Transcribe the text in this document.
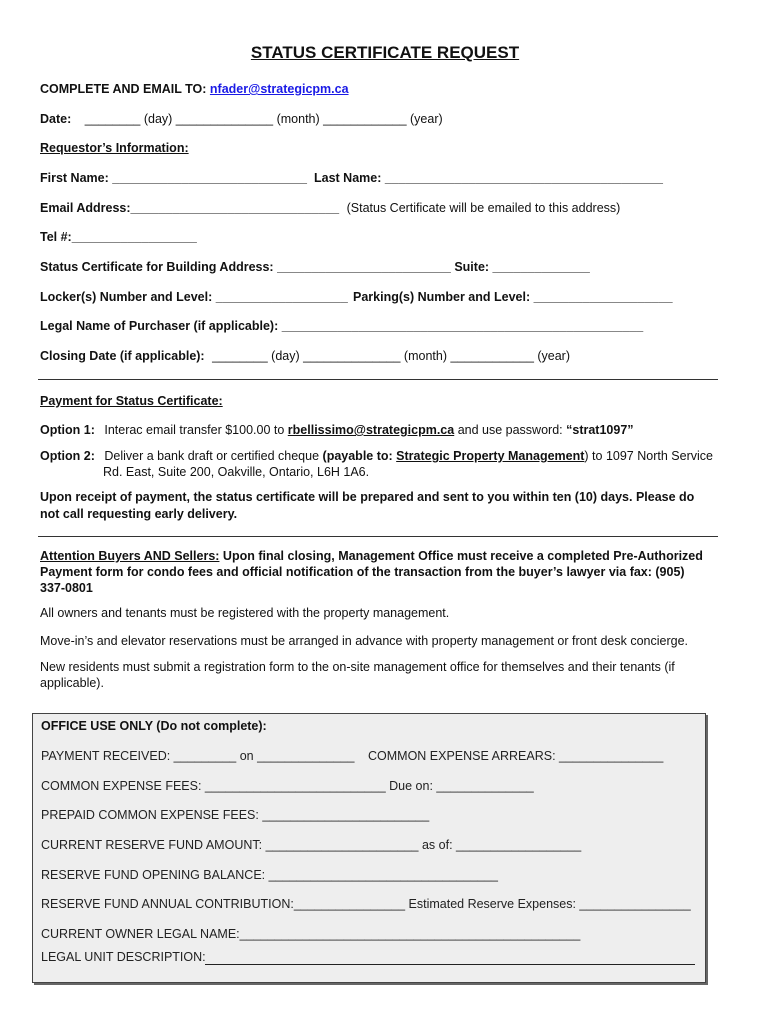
STATUS CERTIFICATE REQUEST
COMPLETE AND EMAIL TO: nfader@strategicpm.ca
Date: ________ (day) ______________ (month) ____________ (year)
Requestor’s Information:
First Name: ____________________________ Last Name: ________________________________________
Email Address:______________________________ (Status Certificate will be emailed to this address)
Tel #:__________________
Status Certificate for Building Address: _________________________ Suite: ______________
Locker(s) Number and Level: ___________________ Parking(s) Number and Level: ____________________
Legal Name of Purchaser (if applicable): ____________________________________________________
Closing Date (if applicable): ________ (day) ______________ (month) ____________ (year)
Payment for Status Certificate:
Option 1: Interac email transfer $100.00 to rbellissimo@strategicpm.ca and use password: “strat1097”
Option 2: Deliver a bank draft or certified cheque (payable to: Strategic Property Management) to 1097 North Service
Rd. East, Suite 200, Oakville, Ontario, L6H 1A6.
Upon receipt of payment, the status certificate will be prepared and sent to you within ten (10) days. Please do
not call requesting early delivery.
Attention Buyers AND Sellers: Upon final closing, Management Office must receive a completed Pre-Authorized
Payment form for condo fees and official notification of the transaction from the buyer’s lawyer via fax: (905)
337-0801
All owners and tenants must be registered with the property management.
Move-in’s and elevator reservations must be arranged in advance with property management or front desk concierge.
New residents must submit a registration form to the on-site management office for themselves and their tenants (if
applicable).
OFFICE USE ONLY (Do not complete):
PAYMENT RECEIVED: _________ on ______________ COMMON EXPENSE ARREARS: _______________
COMMON EXPENSE FEES: __________________________ Due on: ______________
PREPAID COMMON EXPENSE FEES: ________________________
CURRENT RESERVE FUND AMOUNT: ______________________ as of: __________________
RESERVE FUND OPENING BALANCE: _________________________________
RESERVE FUND ANNUAL CONTRIBUTION:________________ Estimated Reserve Expenses: ________________
CURRENT OWNER LEGAL NAME:_________________________________________________
LEGAL UNIT DESCRIPTION:
